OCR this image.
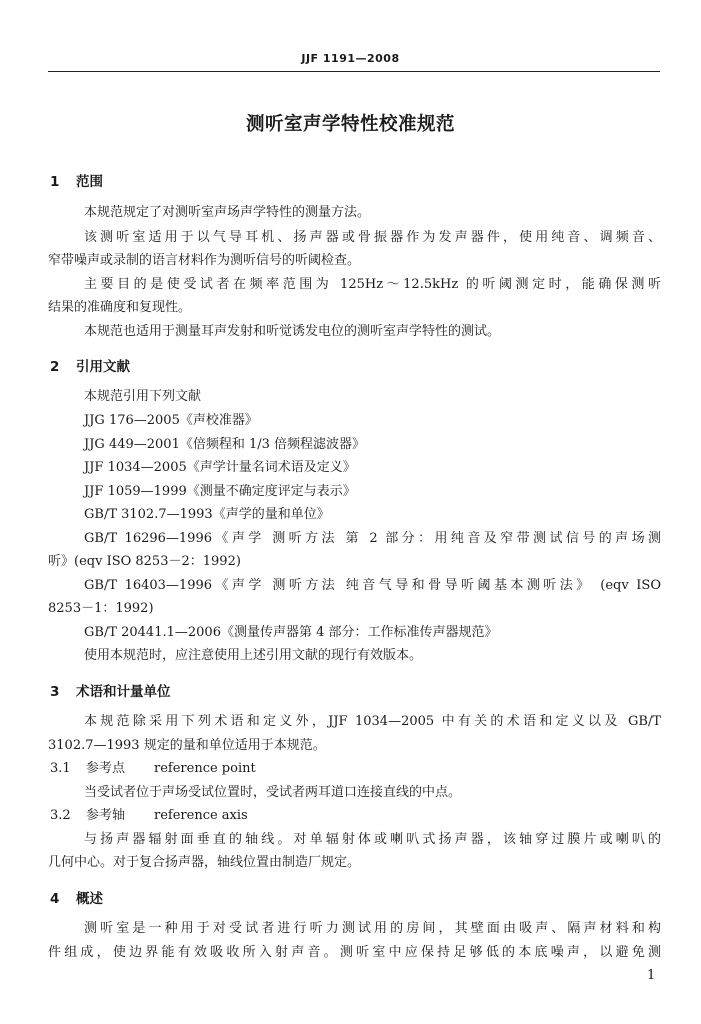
JJF 1191—2008
测听室声学特性校准规范
1 范围
本规范规定了对测听室声场声学特性的测量方法。
该测听室适用于以气导耳机、扬声器或骨振器作为发声器件，使用纯音、调频音、
窄带噪声或录制的语言材料作为测听信号的听阈检查。
主要目的是使受试者在频率范围为 125Hz～12.5kHz 的听阈测定时，能确保测听
结果的准确度和复现性。
本规范也适用于测量耳声发射和听觉诱发电位的测听室声学特性的测试。
2 引用文献
本规范引用下列文献
JJG 176—2005《声校准器》
JJG 449—2001《倍频程和 1/3 倍频程滤波器》
JJF 1034—2005《声学计量名词术语及定义》
JJF 1059—1999《测量不确定度评定与表示》
GB/T 3102.7—1993《声学的量和单位》
GB/T 16296—1996《声学 测听方法 第 2 部分：用纯音及窄带测试信号的声场测
听》(eqv ISO 8253－2：1992)
GB/T 16403—1996《声学 测听方法 纯音气导和骨导听阈基本测听法》 (eqv ISO
8253－1：1992)
GB/T 20441.1—2006《测量传声器第 4 部分：工作标准传声器规范》
使用本规范时，应注意使用上述引用文献的现行有效版本。
3 术语和计量单位
本规范除采用下列术语和定义外，JJF 1034—2005 中有关的术语和定义以及 GB/T
3102.7—1993 规定的量和单位适用于本规范。
3.1 参考点 reference point
当受试者位于声场受试位置时，受试者两耳道口连接直线的中点。
3.2 参考轴 reference axis
与扬声器辐射面垂直的轴线。对单辐射体或喇叭式扬声器，该轴穿过膜片或喇叭的
几何中心。对于复合扬声器，轴线位置由制造厂规定。
4 概述
测听室是一种用于对受试者进行听力测试用的房间，其壁面由吸声、隔声材料和构
件组成，使边界能有效吸收所入射声音。测听室中应保持足够低的本底噪声，以避免测
1
